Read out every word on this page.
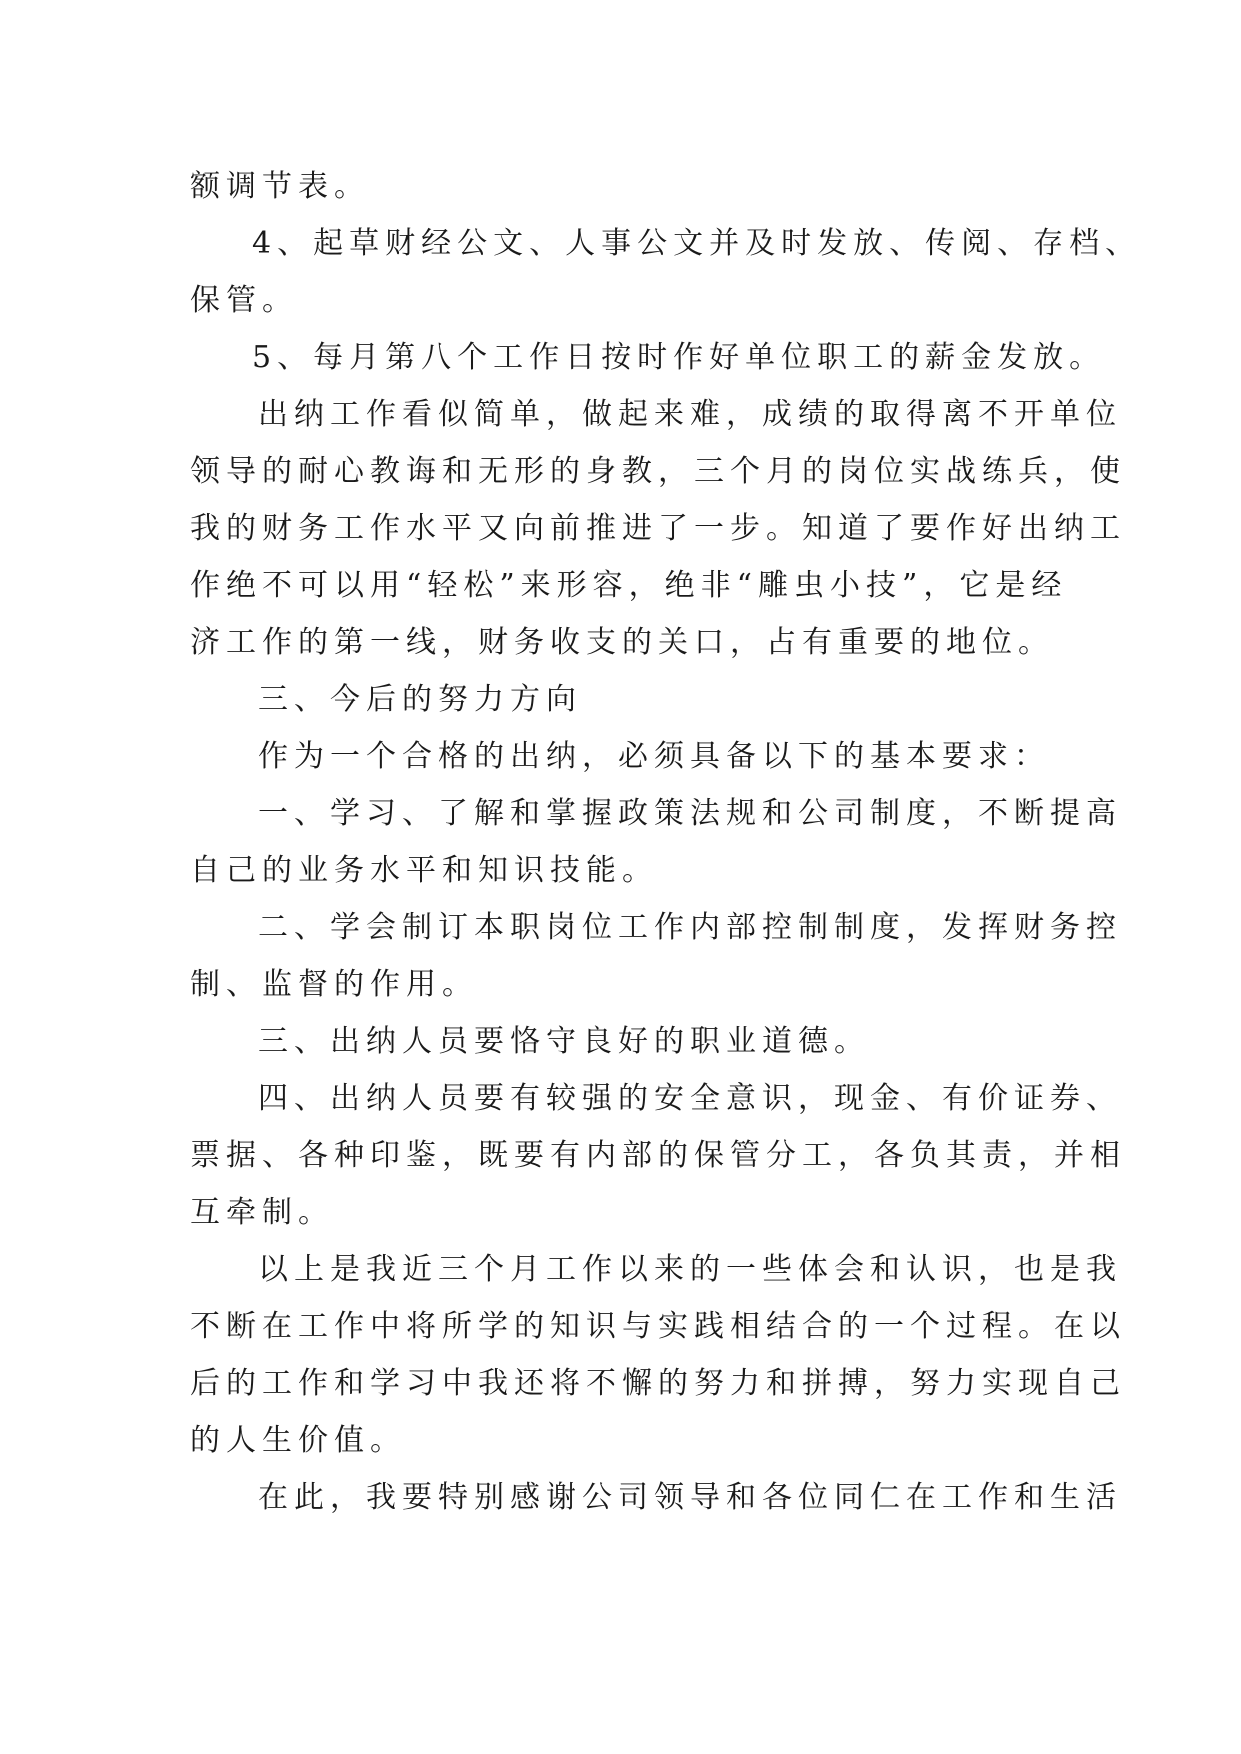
额调节表。
4、起草财经公文、人事公文并及时发放、传阅、存档、
保管。
5、每月第八个工作日按时作好单位职工的薪金发放。
出纳工作看似简单，做起来难，成绩的取得离不开单位
领导的耐心教诲和无形的身教，三个月的岗位实战练兵，使
我的财务工作水平又向前推进了一步。知道了要作好出纳工
作绝不可以用“轻松”来形容，绝非“雕虫小技”，它是经
济工作的第一线，财务收支的关口，占有重要的地位。
三、今后的努力方向
作为一个合格的出纳，必须具备以下的基本要求：
一、学习、了解和掌握政策法规和公司制度，不断提高
自己的业务水平和知识技能。
二、学会制订本职岗位工作内部控制制度，发挥财务控
制、监督的作用。
三、出纳人员要恪守良好的职业道德。
四、出纳人员要有较强的安全意识，现金、有价证券、
票据、各种印鉴，既要有内部的保管分工，各负其责，并相
互牵制。
以上是我近三个月工作以来的一些体会和认识，也是我
不断在工作中将所学的知识与实践相结合的一个过程。在以
后的工作和学习中我还将不懈的努力和拼搏，努力实现自己
的人生价值。
在此，我要特别感谢公司领导和各位同仁在工作和生活
